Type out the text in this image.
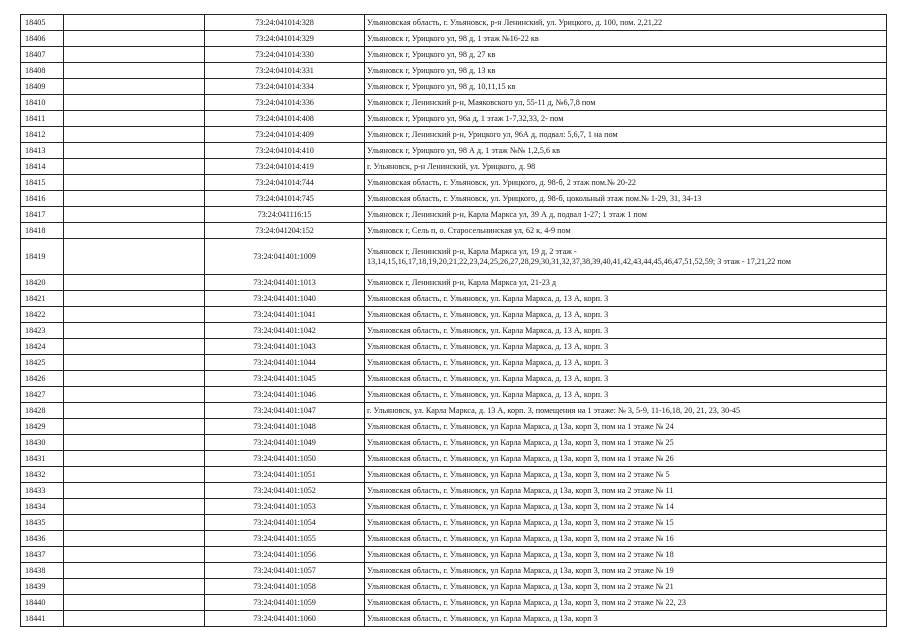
18405		73:24:041014:328	Ульяновская область, г. Ульяновск, р-н Ленинский, ул. Урицкого, д. 100, пом. 2,21,22
18406		73:24:041014:329	Ульяновск г, Урицкого ул, 98 д, 1 этаж №16-22 кв
18407		73:24:041014:330	Ульяновск г, Урицкого ул, 98 д, 27 кв
18408		73:24:041014:331	Ульяновск г, Урицкого ул, 98 д, 13 кв
18409		73:24:041014:334	Ульяновск г, Урицкого ул, 98 д, 10,11,15 кв
18410		73:24:041014:336	Ульяновск г, Ленинский р-н, Маяковского ул, 55-11 д, №6,7,8 пом
18411		73:24:041014:408	Ульяновск г, Урицкого ул, 96а д, 1 этаж 1-7,32,33, 2- пом
18412		73:24:041014:409	Ульяновск г, Ленинский р-н, Урицкого ул, 96А д, подвал: 5,6,7, 1 на пом
18413		73:24:041014:410	Ульяновск г, Урицкого ул, 98 А д, 1 этаж №№ 1,2,5,6 кв
18414		73:24:041014:419	г. Ульяновск, р-н Ленинский, ул. Урицкого, д. 98
18415		73:24:041014:744	Ульяновская область, г. Ульяновск, ул. Урицкого, д. 98-б, 2 этаж пом.№ 20-22
18416		73:24:041014:745	Ульяновская область, г. Ульяновск, ул. Урицкого, д. 98-б, цокольный этаж пом.№ 1-29, 31, 34-13
18417		73:24:041116:15	Ульяновск г, Ленинский р-н, Карла Маркса ул, 39 А д, подвал 1-27; 1 этаж 1 пом
18418		73:24:041204:152	Ульяновск г, Сель п, о. Старосельнинская ул, 62 к, 4-9 пом
18419		73:24:041401:1009	Ульяновск г, Ленинский р-н, Карла Маркса ул, 19 д, 2 этаж - 13,14,15,16,17,18,19,20,21,22,23,24,25,26,27,28,29,30,31,32,37,38,39,40,41,42,43,44,45,46,47,51,52,59; 3 этаж - 17,21,22 пом
18420		73:24:041401:1013	Ульяновск г, Ленинский р-н, Карла Маркса ул, 21-23 д
18421		73:24:041401:1040	Ульяновская область, г. Ульяновск, ул. Карла Маркса, д. 13 А, корп. 3
18422		73:24:041401:1041	Ульяновская область, г. Ульяновск, ул. Карла Маркса, д. 13 А, корп. 3
18423		73:24:041401:1042	Ульяновская область, г. Ульяновск, ул. Карла Маркса, д. 13 А, корп. 3
18424		73:24:041401:1043	Ульяновская область, г. Ульяновск, ул. Карла Маркса, д. 13 А, корп. 3
18425		73:24:041401:1044	Ульяновская область, г. Ульяновск, ул. Карла Маркса, д. 13 А, корп. 3
18426		73:24:041401:1045	Ульяновская область, г. Ульяновск, ул. Карла Маркса, д. 13 А, корп. 3
18427		73:24:041401:1046	Ульяновская область, г. Ульяновск, ул. Карла Маркса, д. 13 А, корп. 3
18428		73:24:041401:1047	г. Ульяновск, ул. Карла Маркса, д. 13 А, корп. 3, помещения на 1 этаже: № 3, 5-9, 11-16,18, 20, 21, 23, 30-45
18429		73:24:041401:1048	Ульяновская область, г. Ульяновск, ул Карла Маркса, д 13а, корп 3, пом на 1 этаже № 24
18430		73:24:041401:1049	Ульяновская область, г. Ульяновск, ул Карла Маркса, д 13а, корп 3, пом на 1 этаже № 25
18431		73:24:041401:1050	Ульяновская область, г. Ульяновск, ул Карла Маркса, д 13а, корп 3, пом на 1 этаже № 26
18432		73:24:041401:1051	Ульяновская область, г. Ульяновск, ул Карла Маркса, д 13а, корп 3, пом на 2 этаже № 5
18433		73:24:041401:1052	Ульяновская область, г. Ульяновск, ул Карла Маркса, д 13а, корп 3, пом на 2 этаже № 11
18434		73:24:041401:1053	Ульяновская область, г. Ульяновск, ул Карла Маркса, д 13а, корп 3, пом на 2 этаже № 14
18435		73:24:041401:1054	Ульяновская область, г. Ульяновск, ул Карла Маркса, д 13а, корп 3, пом на 2 этаже № 15
18436		73:24:041401:1055	Ульяновская область, г. Ульяновск, ул Карла Маркса, д 13а, корп 3, пом на 2 этаже № 16
18437		73:24:041401:1056	Ульяновская область, г. Ульяновск, ул Карла Маркса, д 13а, корп 3, пом на 2 этаже № 18
18438		73:24:041401:1057	Ульяновская область, г. Ульяновск, ул Карла Маркса, д 13а, корп 3, пом на 2 этаже № 19
18439		73:24:041401:1058	Ульяновская область, г. Ульяновск, ул Карла Маркса, д 13а, корп 3, пом на 2 этаже № 21
18440		73:24:041401:1059	Ульяновская область, г. Ульяновск, ул Карла Маркса, д 13а, корп 3, пом на 2 этаже № 22, 23
18441		73:24:041401:1060	Ульяновская область, г. Ульяновск, ул Карла Маркса, д 13а, корп 3
